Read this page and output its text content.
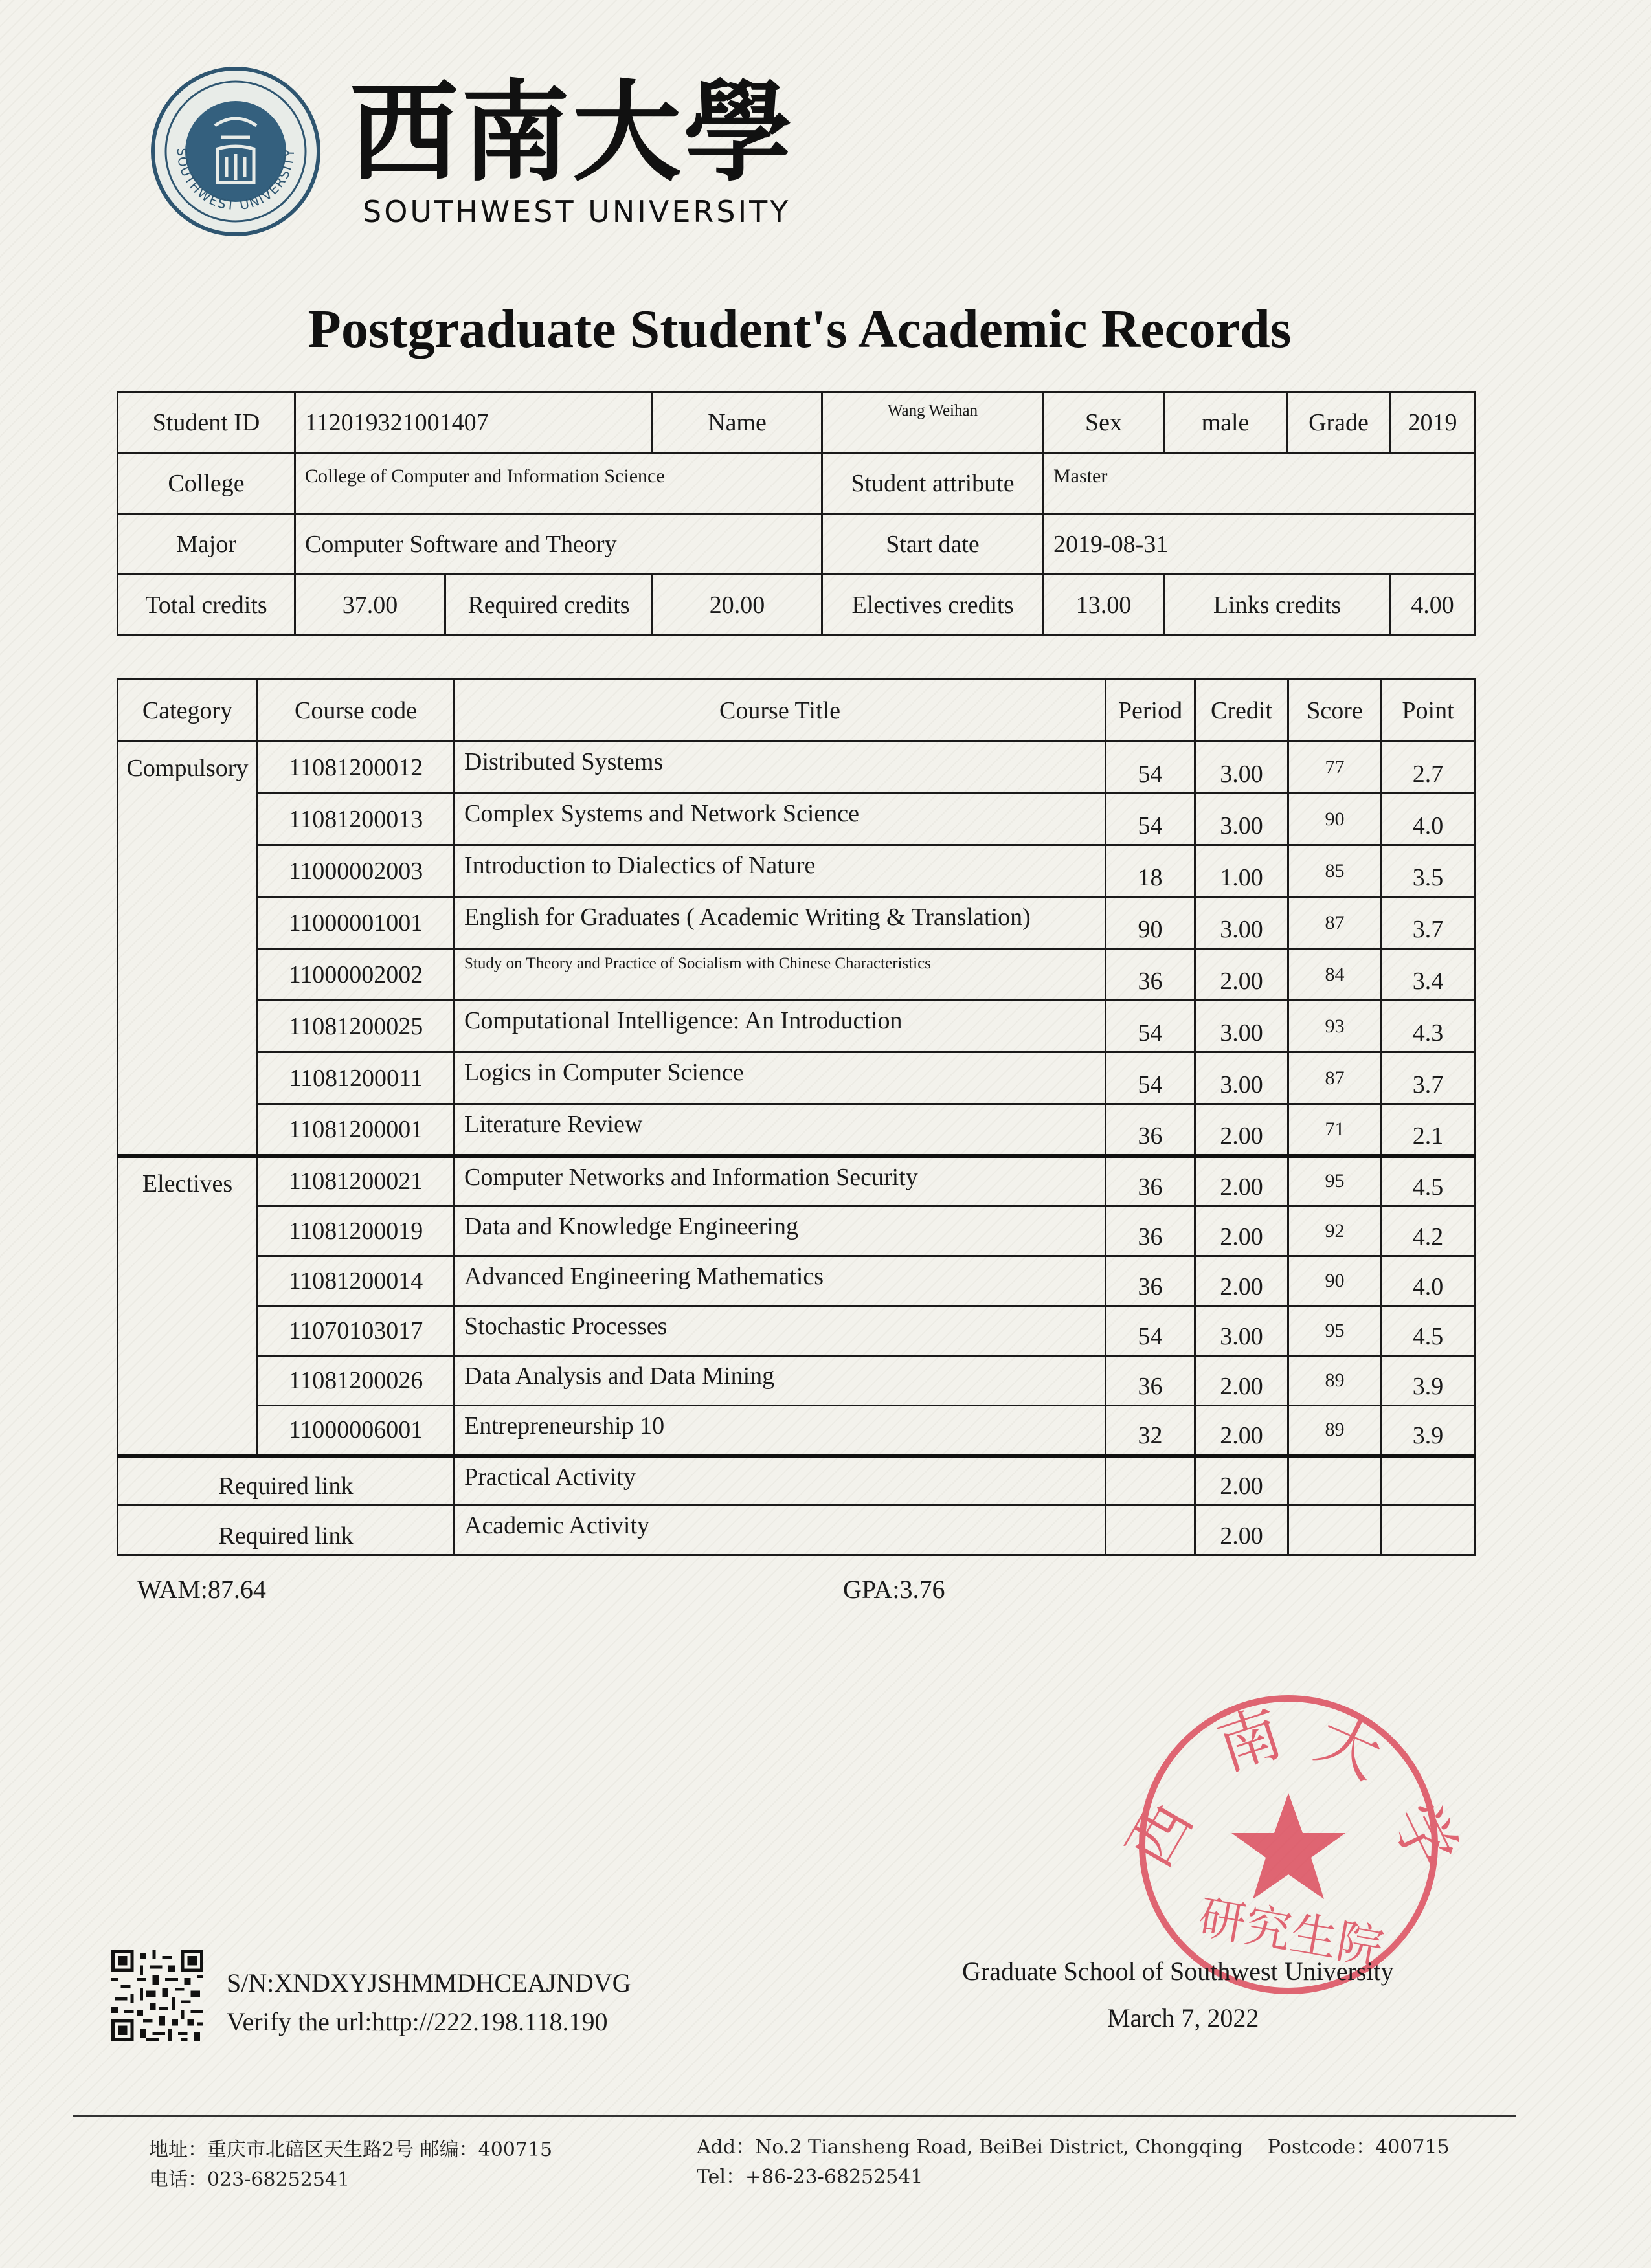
SOUTHWEST UNIVERSITY 西南大學
SOUTHWEST UNIVERSITY
Postgraduate Student's Academic Records
Student ID	112019321001407		Name	Wang Weihan	Sex	male	Grade	2019
College	College of Computer and Information Science			Student attribute	Master			
Major	Computer Software and Theory			Start date	2019-08-31			
Total credits	37.00	Required credits	20.00	Electives credits	13.00	Links credits		4.00
Category	Course code	Course Title	Period	Credit	Score	Point
Compulsory	11081200012	Distributed Systems	54	3.00	77	2.7
	11081200013	Complex Systems and Network Science	54	3.00	90	4.0
	11000002003	Introduction to Dialectics of Nature	18	1.00	85	3.5
	11000001001	English for Graduates ( Academic Writing & Translation)	90	3.00	87	3.7
	11000002002	Study on Theory and Practice of Socialism with Chinese Characteristics	36	2.00	84	3.4
	11081200025	Computational Intelligence: An Introduction	54	3.00	93	4.3
	11081200011	Logics in Computer Science	54	3.00	87	3.7
	11081200001	Literature Review	36	2.00	71	2.1
Electives	11081200021	Computer Networks and Information Security	36	2.00	95	4.5
	11081200019	Data and Knowledge Engineering	36	2.00	92	4.2
	11081200014	Advanced Engineering Mathematics	36	2.00	90	4.0
	11070103017	Stochastic Processes	54	3.00	95	4.5
	11081200026	Data Analysis and Data Mining	36	2.00	89	3.9
	11000006001	Entrepreneurship 10	32	2.00	89	3.9
Required link		Practical Activity		2.00		
Required link		Academic Activity		2.00		
WAM:87.64	GPA:3.76
西
南 大
学
研究生院
S/N:XNDXYJSHMMDHCEAJNDVG
Verify the url:http://222.198.118.190
Graduate School of Southwest University
March 7, 2022
地址：重庆市北碚区天生路2号 邮编：400715
电话：023-68252541
Add：No.2 Tiansheng Road, BeiBei District, Chongqing    Postcode：400715
Tel：+86-23-68252541
